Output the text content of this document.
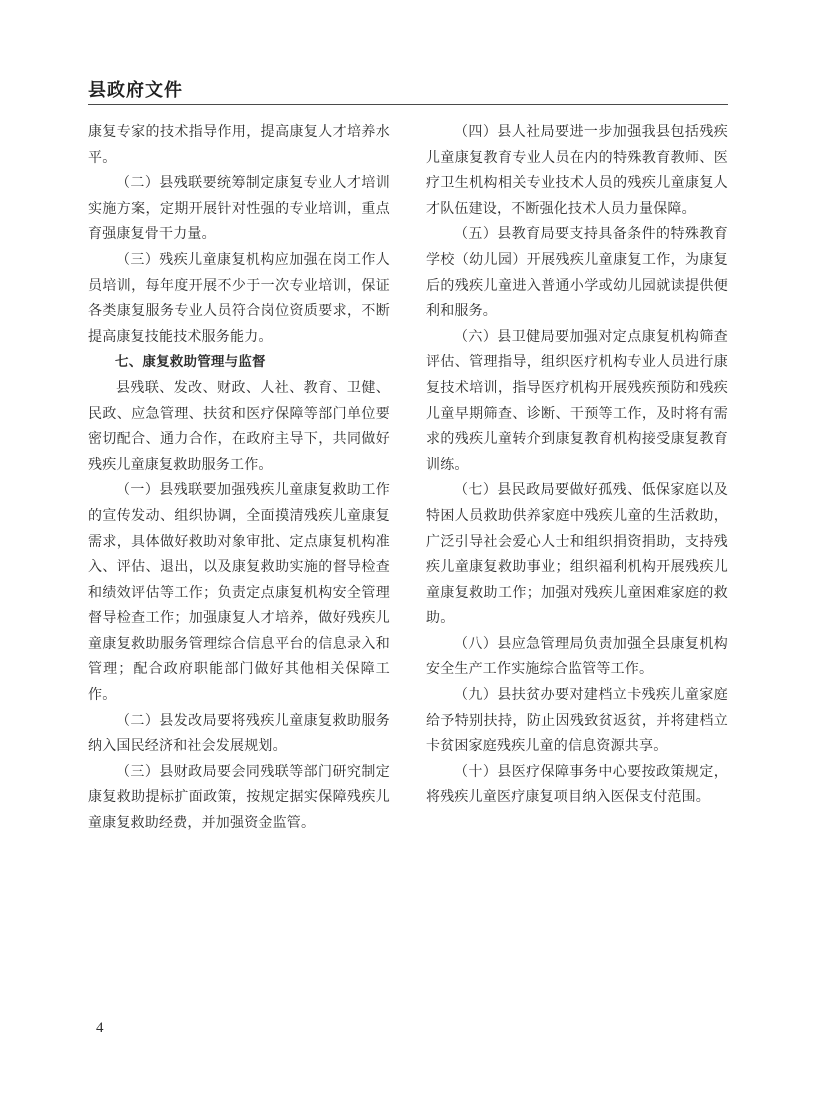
县政府文件

康复专家的技术指导作用，提高康复人才培养水平。

（二）县残联要统筹制定康复专业人才培训实施方案，定期开展针对性强的专业培训，重点育强康复骨干力量。

（三）残疾儿童康复机构应加强在岗工作人员培训，每年度开展不少于一次专业培训，保证各类康复服务专业人员符合岗位资质要求，不断提高康复技能技术服务能力。

七、康复救助管理与监督

县残联、发改、财政、人社、教育、卫健、民政、应急管理、扶贫和医疗保障等部门单位要密切配合、通力合作，在政府主导下，共同做好残疾儿童康复救助服务工作。

（一）县残联要加强残疾儿童康复救助工作的宣传发动、组织协调，全面摸清残疾儿童康复需求，具体做好救助对象审批、定点康复机构准入、评估、退出，以及康复救助实施的督导检查和绩效评估等工作；负责定点康复机构安全管理督导检查工作；加强康复人才培养，做好残疾儿童康复救助服务管理综合信息平台的信息录入和管理；配合政府职能部门做好其他相关保障工作。

（二）县发改局要将残疾儿童康复救助服务纳入国民经济和社会发展规划。

（三）县财政局要会同残联等部门研究制定康复救助提标扩面政策，按规定据实保障残疾儿童康复救助经费，并加强资金监管。

（四）县人社局要进一步加强我县包括残疾儿童康复教育专业人员在内的特殊教育教师、医疗卫生机构相关专业技术人员的残疾儿童康复人才队伍建设，不断强化技术人员力量保障。

（五）县教育局要支持具备条件的特殊教育学校（幼儿园）开展残疾儿童康复工作，为康复后的残疾儿童进入普通小学或幼儿园就读提供便利和服务。

（六）县卫健局要加强对定点康复机构筛查评估、管理指导，组织医疗机构专业人员进行康复技术培训，指导医疗机构开展残疾预防和残疾儿童早期筛查、诊断、干预等工作，及时将有需求的残疾儿童转介到康复教育机构接受康复教育训练。

（七）县民政局要做好孤残、低保家庭以及特困人员救助供养家庭中残疾儿童的生活救助，广泛引导社会爱心人士和组织捐资捐助，支持残疾儿童康复救助事业；组织福利机构开展残疾儿童康复救助工作；加强对残疾儿童困难家庭的救助。

（八）县应急管理局负责加强全县康复机构安全生产工作实施综合监管等工作。

（九）县扶贫办要对建档立卡残疾儿童家庭给予特别扶持，防止因残致贫返贫，并将建档立卡贫困家庭残疾儿童的信息资源共享。

（十）县医疗保障事务中心要按政策规定，将残疾儿童医疗康复项目纳入医保支付范围。

4
